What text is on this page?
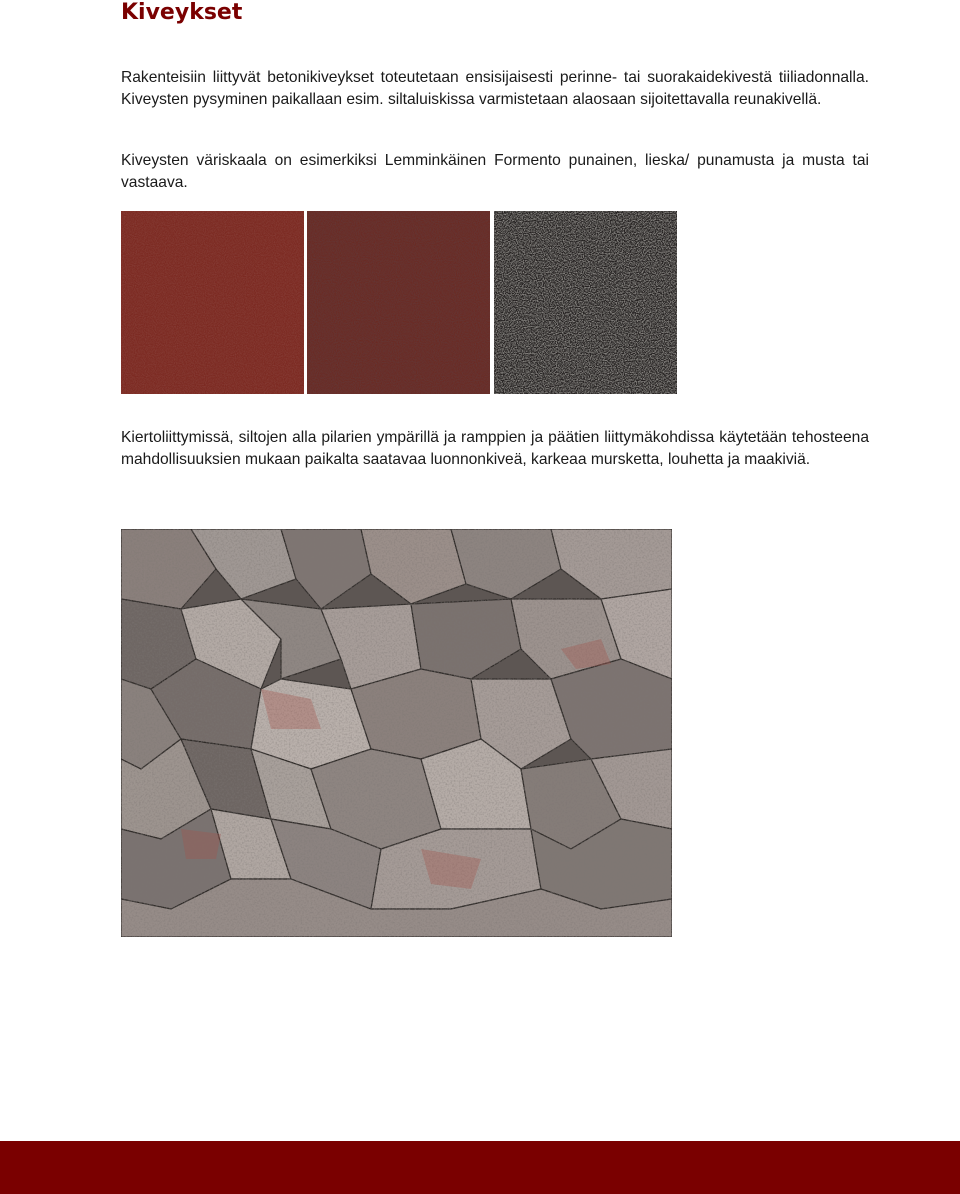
Kiveykset

Rakenteisiin liittyvät betonikiveykset toteutetaan ensisijaisesti perinne- tai suorakaidekivestä tiiliadonnalla. Kiveysten pysyminen paikallaan esim. siltaluiskissa varmistetaan alaosaan sijoitettavalla reunakivellä.

Kiveysten väriskaala on esimerkiksi Lemminkäinen Formento punainen, lieska/ punamusta ja musta tai vastaava.

Kiertoliittymissä, siltojen alla pilarien ympärillä ja ramppien ja päätien liittymäkohdissa käytetään tehosteena mahdollisuuksien mukaan paikalta saatavaa luonnonkiveä, karkeaa mursketta, louhetta ja maakiviä.
